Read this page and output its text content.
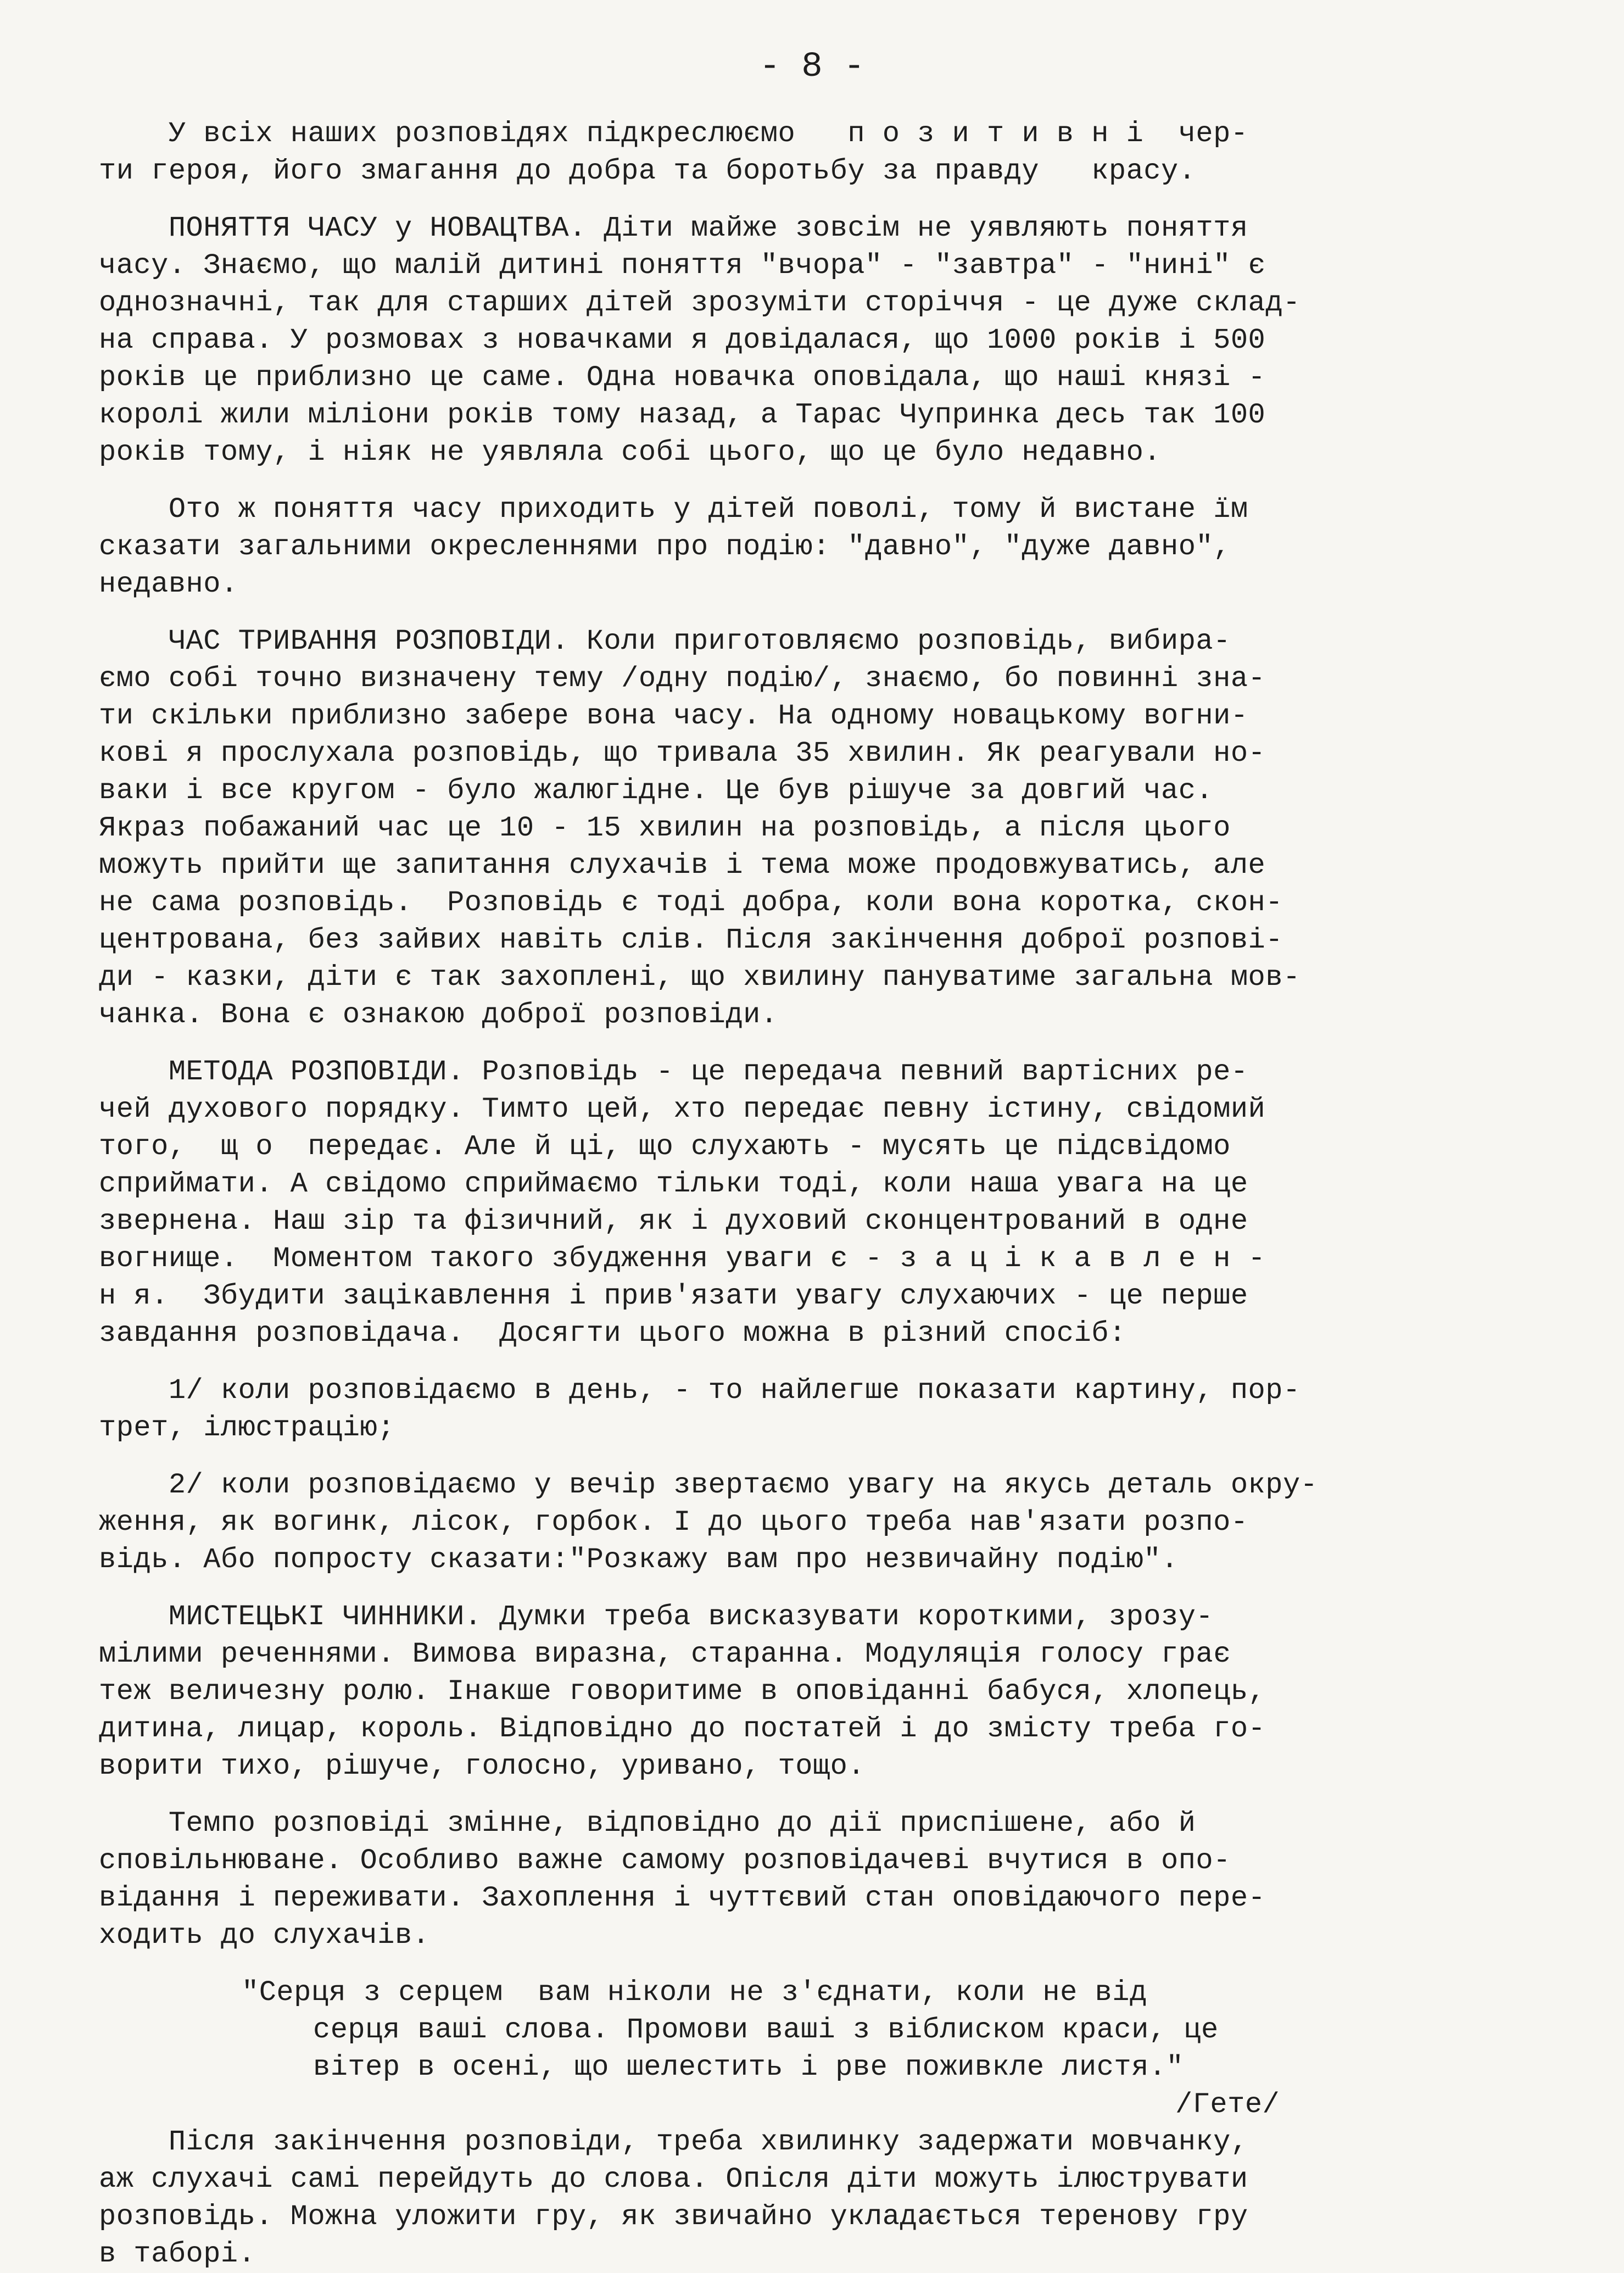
- 8 -
У всіх наших розповідях підкреслюємо   п о з и т и в н і  чер-
ти героя, його змагання до добра та боротьбу за правду   красу.
ПОНЯТТЯ ЧАСУ у НОВАЦТВА. Діти майже зовсім не уявляють поняття
часу. Знаємо, що малій дитині поняття "вчора" - "завтра" - "нині" є
однозначні, так для старших дітей зрозуміти сторіччя - це дуже склад-
на справа. У розмовах з новачками я довідалася, що 1000 років і 500
років це приблизно це саме. Одна новачка оповідала, що наші князі -
королі жили міліони років тому назад, а Тарас Чупринка десь так 100
років тому, і ніяк не уявляла собі цього, що це було недавно.
Ото ж поняття часу приходить у дітей поволі, тому й вистане їм
сказати загальними окресленнями про подію: "давно", "дуже давно",
недавно.
ЧАС ТРИВАННЯ РОЗПОВІДИ. Коли приготовляємо розповідь, вибира-
ємо собі точно визначену тему /одну подію/, знаємо, бо повинні зна-
ти скільки приблизно забере вона часу. На одному новацькому вогни-
кові я прослухала розповідь, що тривала 35 хвилин. Як реагували но-
ваки і все кругом - було жалюгідне. Це був рішуче за довгий час.
Якраз побажаний час це 10 - 15 хвилин на розповідь, а після цього
можуть прийти ще запитання слухачів і тема може продовжуватись, але
не сама розповідь.  Розповідь є тоді добра, коли вона коротка, скон-
центрована, без зайвих навіть слів. Після закінчення доброї розпові-
ди - казки, діти є так захоплені, що хвилину пануватиме загальна мов-
чанка. Вона є ознакою доброї розповіди.
МЕТОДА РОЗПОВІДИ. Розповідь - це передача певний вартісних ре-
чей духового порядку. Тимто цей, хто передає певну істину, свідомий
того,  щ о  передає. Але й ці, що слухають - мусять це підсвідомо
сприймати. А свідомо сприймаємо тільки тоді, коли наша увага на це
звернена. Наш зір та фізичний, як і духовий сконцентрований в одне
вогнище.  Моментом такого збудження уваги є - з а ц і к а в л е н -
н я.  Збудити зацікавлення і прив'язати увагу слухаючих - це перше
завдання розповідача.  Досягти цього можна в різний спосіб:
1/ коли розповідаємо в день, - то найлегше показати картину, пор-
трет, ілюстрацію;
2/ коли розповідаємо у вечір звертаємо увагу на якусь деталь окру-
ження, як вогинк, лісок, горбок. І до цього треба нав'язати розпо-
відь. Або попросту сказати:"Розкажу вам про незвичайну подію".
МИСТЕЦЬКІ ЧИННИКИ. Думки треба висказувати короткими, зрозу-
мілими реченнями. Вимова виразна, старанна. Модуляція голосу грає
теж величезну ролю. Інакше говоритиме в оповіданні бабуся, хлопець,
дитина, лицар, король. Відповідно до постатей і до змісту треба го-
ворити тихо, рішуче, голосно, уривано, тощо.
Темпо розповіді змінне, відповідно до дії приспішене, або й
сповільнюване. Особливо важне самому розповідачеві вчутися в опо-
відання і переживати. Захоплення і чуттєвий стан оповідаючого пере-
ходить до слухачів.
"Серця з серцем  вам ніколи не з'єднати, коли не від
серця ваші слова. Промови ваші з віблиском краси, це
вітер в осені, що шелестить і рве поживкле листя."
/Гете/
Після закінчення розповіди, треба хвилинку задержати мовчанку,
аж слухачі самі перейдуть до слова. Опісля діти можуть ілюструвати
розповідь. Можна уложити гру, як звичайно укладається теренову гру
в таборі.
